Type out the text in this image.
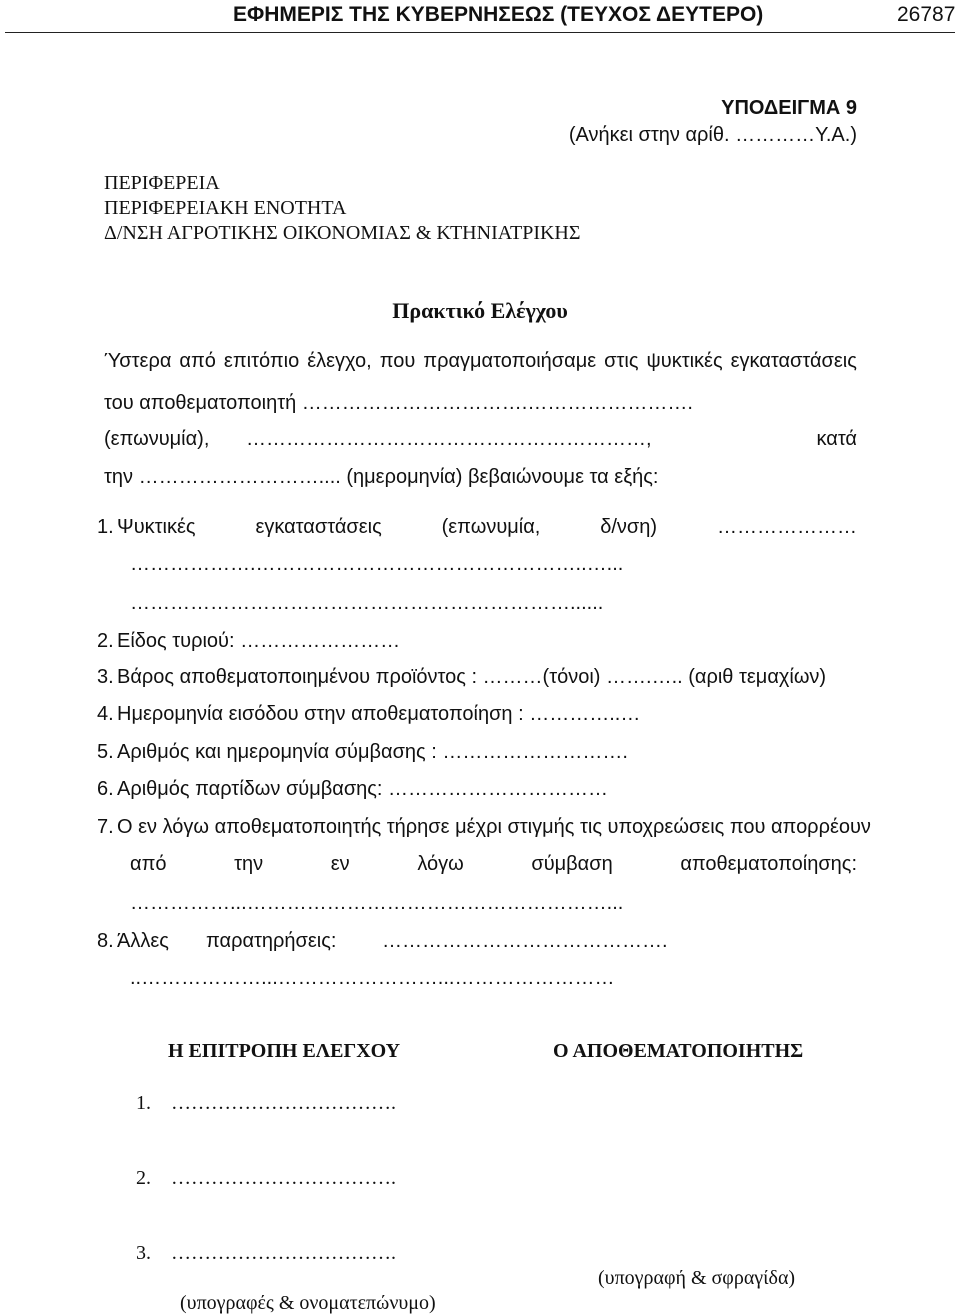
ΕΦΗΜΕΡΙΣ ΤΗΣ ΚΥΒΕΡΝΗΣΕΩΣ (ΤΕΥΧΟΣ ΔΕΥΤΕΡΟ)	26787
ΥΠΟΔΕΙΓΜΑ 9
(Ανήκει στην αρίθ. …………Υ.Α.)
ΠΕΡΙΦΕΡΕΙΑ
ΠΕΡΙΦΕΡΕΙΑΚΗ ΕΝΟΤΗΤΑ
Δ/ΝΣΗ ΑΓΡΟΤΙΚΗΣ ΟΙΚΟΝΟΜΙΑΣ & ΚΤΗΝΙΑΤΡΙΚΗΣ
Πρακτικό Ελέγχου
Ύστερα από επιτόπιο έλεγχο, που πραγματοποιήσαμε στις ψυκτικές εγκαταστάσεις
του αποθεματοποιητή …………………………….…………………….
(επωνυμία), ……………………………………………………,	κατά
την ……………………….... (ημερομηνία) βεβαιώνουμε τα εξής:
1. Ψυκτικές	εγκαταστάσεις	(επωνυμία,	δ/νση)	…………………
……………….…………………………………………..…...
…………………………………………………………......
2. Είδος τυριού: ……………………
3. Βάρος αποθεματοποιημένου προϊόντος : ………(τόνοι) …….….. (αριθ τεμαχίων)
4. Ημερομηνία εισόδου στην αποθεματοποίηση : …………..…
5. Αριθμός και ημερομηνία σύμβασης : ……………………….
6. Αριθμός παρτίδων σύμβασης: ……………………………
7. Ο εν λόγω αποθεματοποιητής τήρησε μέχρι στιγμής τις υποχρεώσεις που απορρέουν
από	την	εν	λόγω	σύμβαση	αποθεματοποίησης:
……………...………………………………………………...
8. Άλλες παρατηρήσεις: …………………………………….
..………………...……………………...……………………
Η ΕΠΙΤΡΟΠΗ ΕΛΕΓΧΟΥ	Ο ΑΠΟΘΕΜΑΤΟΠΟΙΗΤΗΣ
1. …………………………….
2. …………………………….
3. …………………………….
(υπογραφή & σφραγίδα)
(υπογραφές & ονοματεπώνυμο)
